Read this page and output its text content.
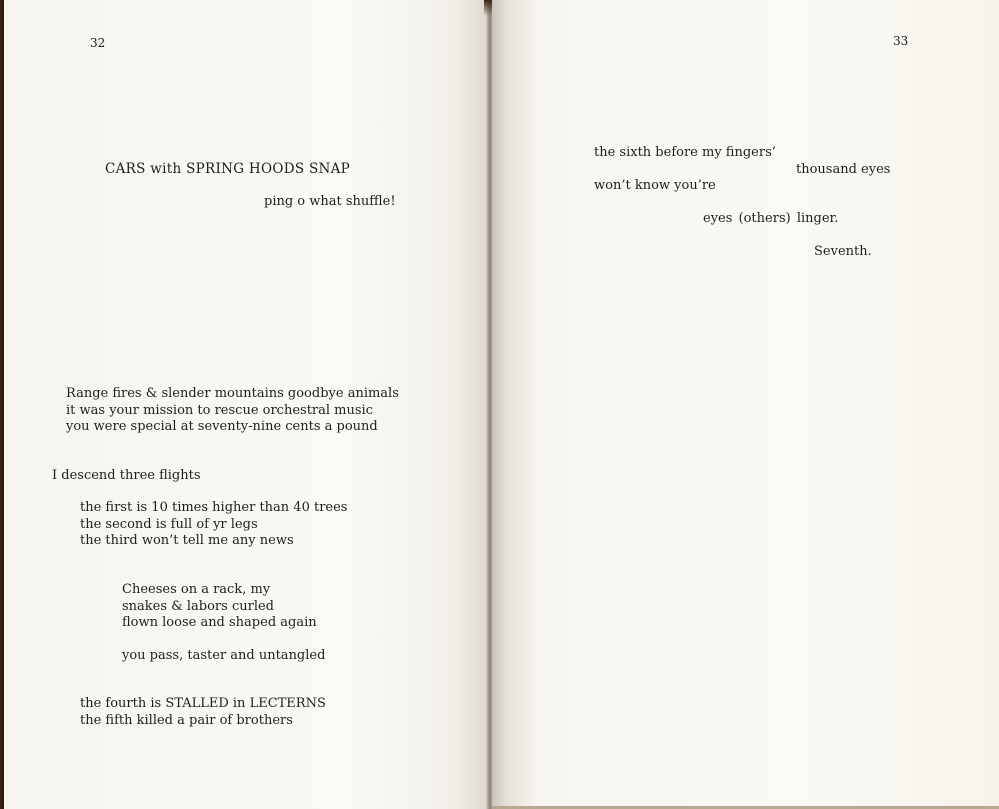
32

CARS with SPRING HOODS SNAP

ping o what shuffle!

Range fires & slender mountains goodbye animals
it was your mission to rescue orchestral music
you were special at seventy-nine cents a pound

I descend three flights

the first is 10 times higher than 40 trees
the second is full of yr legs
the third won’t tell me any news
Cheeses on a rack, my
snakes & labors curled
flown loose and shaped again

you pass, taster and untangled

the fourth is STALLED in LECTERNS
the fifth killed a pair of brothers

33

the sixth before my fingers’

thousand eyes

won’t know you’re

eyes (others) linger.

Seventh.
